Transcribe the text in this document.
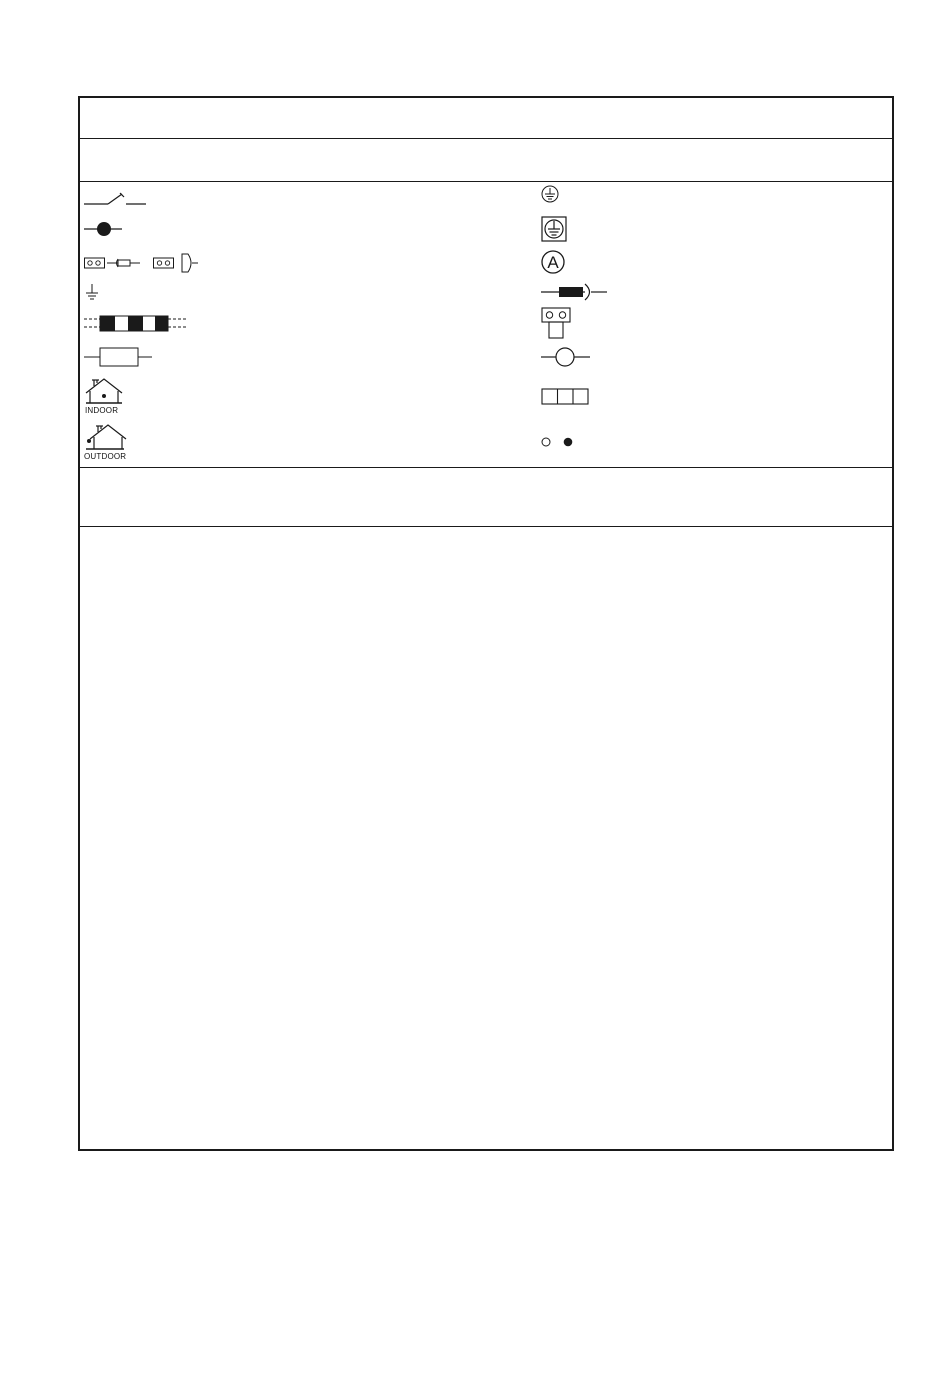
INDOOR
OUTDOOR
A
